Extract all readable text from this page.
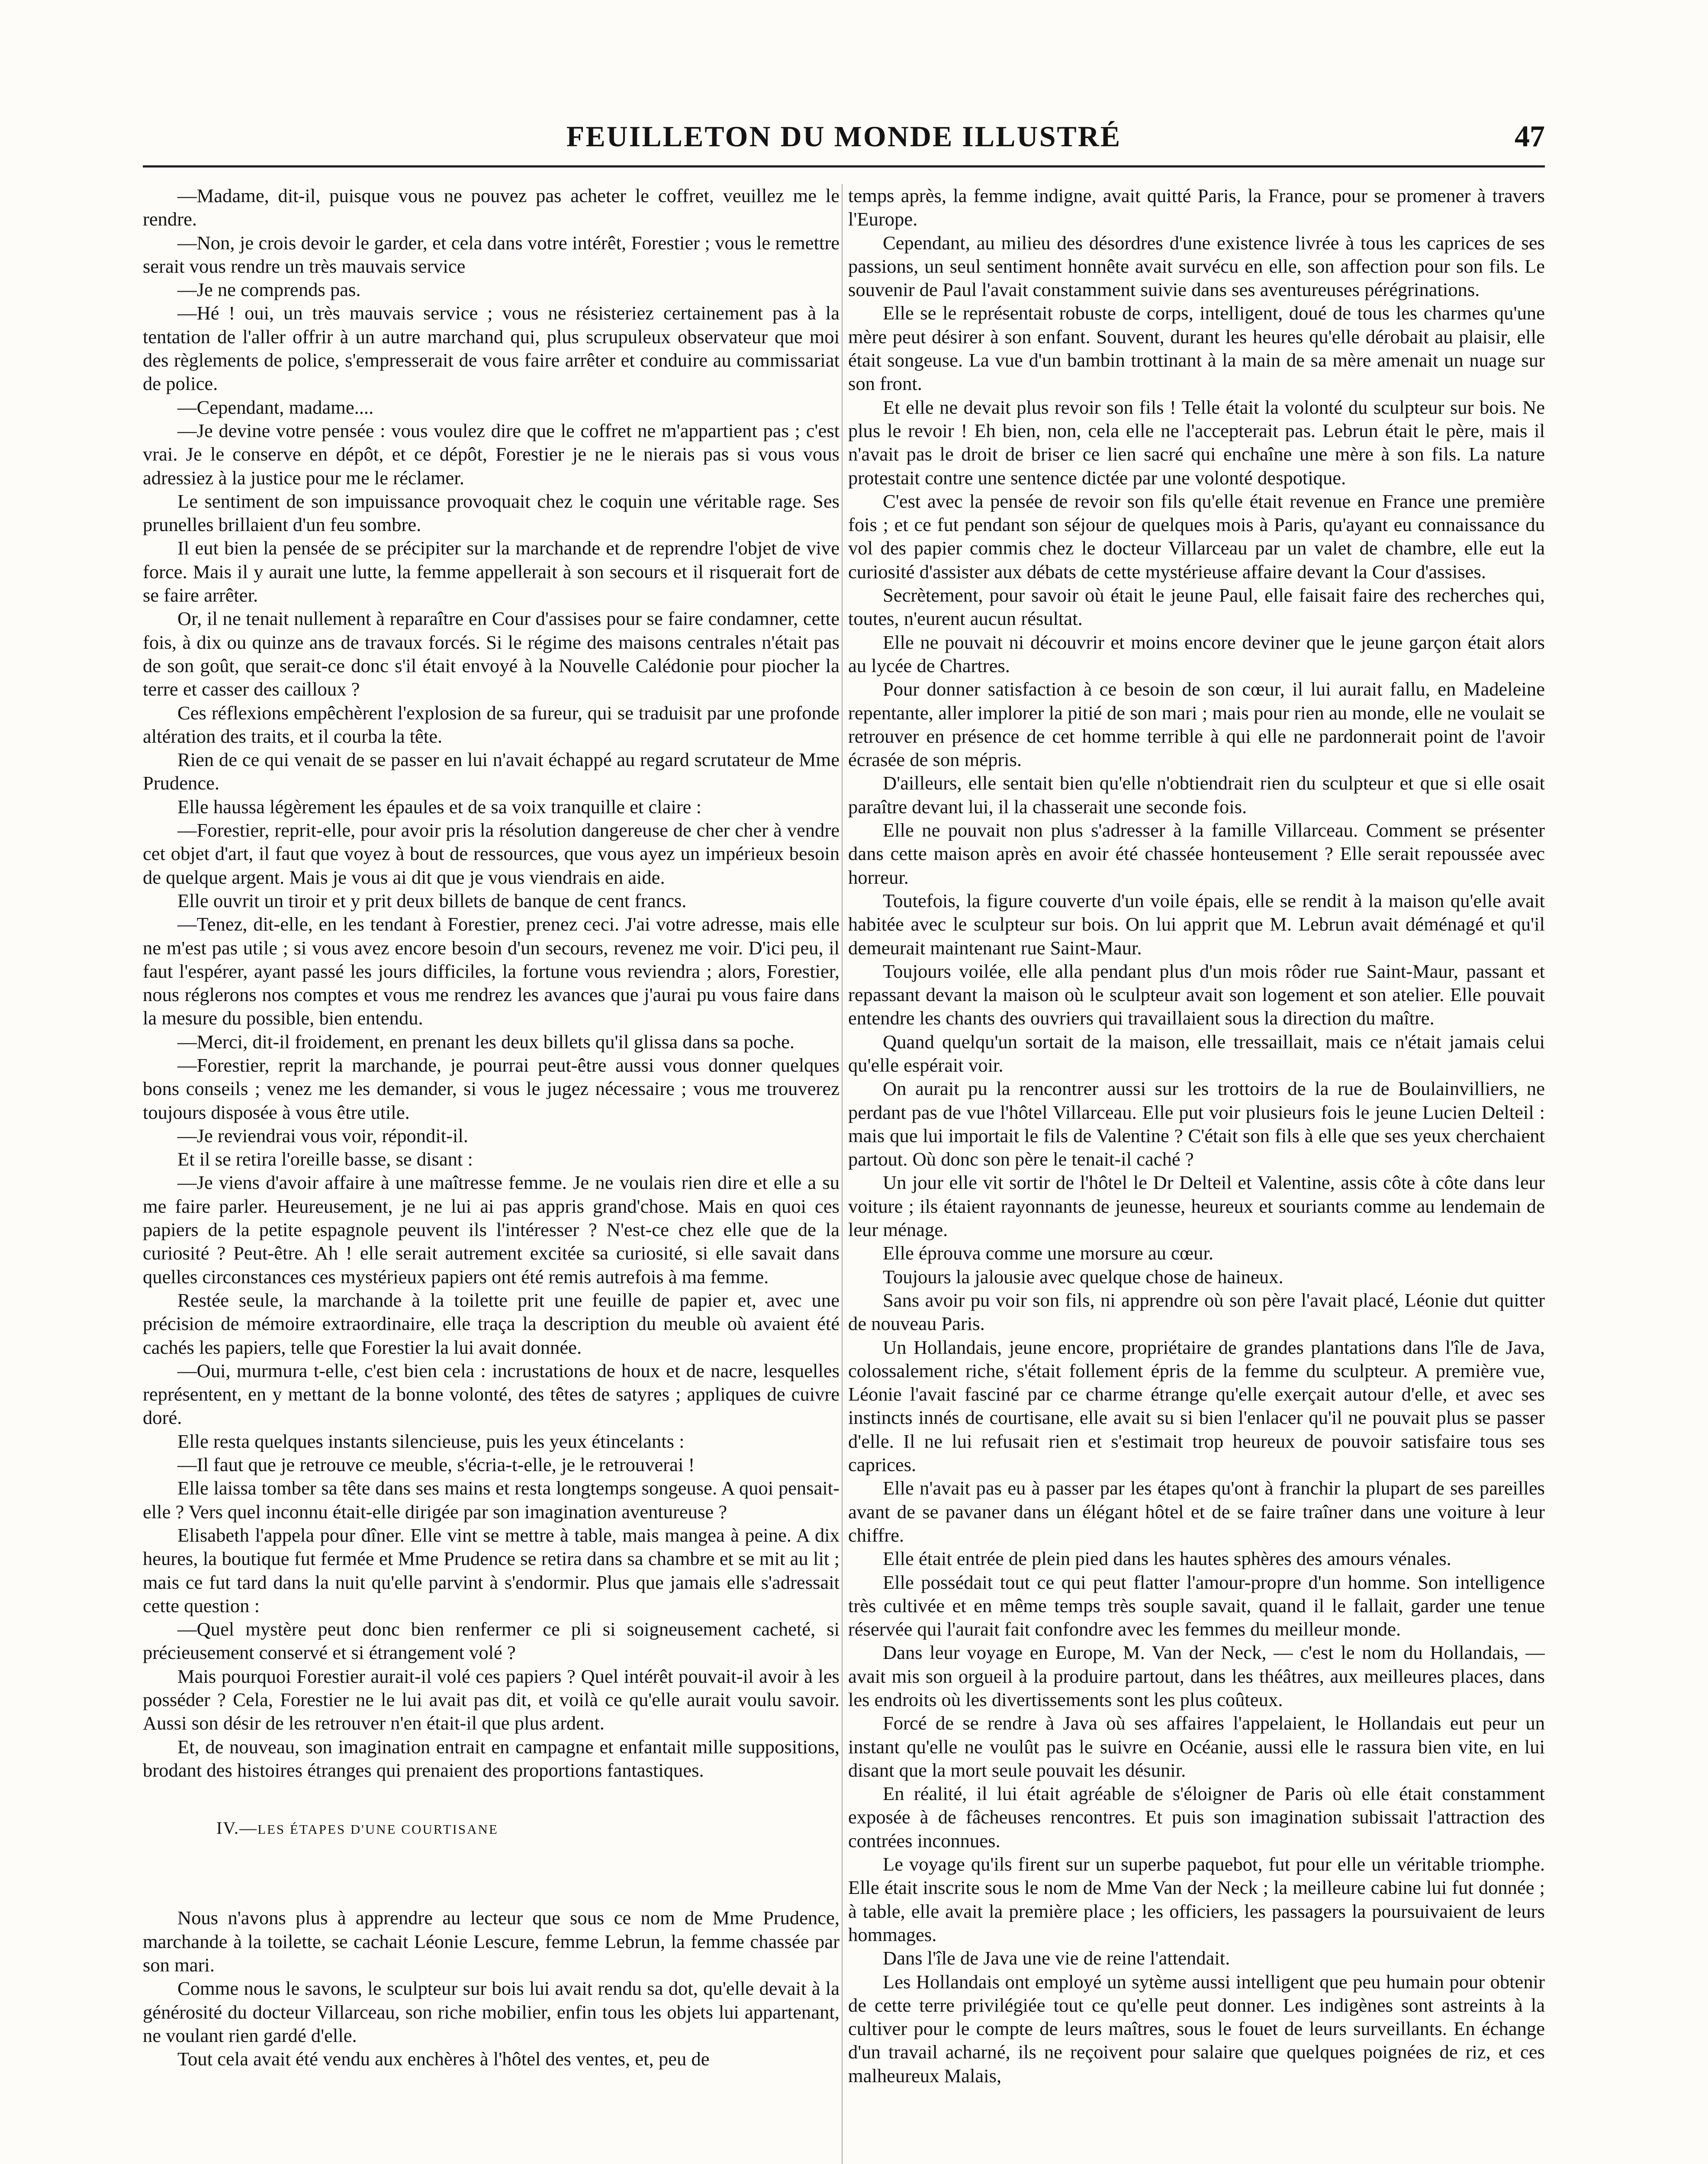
FEUILLETON DU MONDE ILLUSTRÉ	47

—Madame, dit-il, puisque vous ne pouvez pas acheter le coffret, veuillez me le rendre.

—Non, je crois devoir le garder, et cela dans votre intérêt, Forestier ; vous le remettre serait vous rendre un très mauvais service

—Je ne comprends pas.

—Hé ! oui, un très mauvais service ; vous ne résisteriez certainement pas à la tentation de l'aller offrir à un autre marchand qui, plus scrupuleux observateur que moi des règlements de police, s'empresserait de vous faire arrêter et conduire au commissariat de police.

—Cependant, madame....

—Je devine votre pensée : vous voulez dire que le coffret ne m'appartient pas ; c'est vrai. Je le conserve en dépôt, et ce dépôt, Forestier je ne le nierais pas si vous vous adressiez à la justice pour me le réclamer.

Le sentiment de son impuissance provoquait chez le coquin une véritable rage. Ses prunelles brillaient d'un feu sombre.

Il eut bien la pensée de se précipiter sur la marchande et de reprendre l'objet de vive force. Mais il y aurait une lutte, la femme appellerait à son secours et il risquerait fort de se faire arrêter.

Or, il ne tenait nullement à reparaître en Cour d'assises pour se faire condamner, cette fois, à dix ou quinze ans de travaux forcés. Si le régime des maisons centrales n'était pas de son goût, que serait-ce donc s'il était envoyé à la Nouvelle Calédonie pour piocher la terre et casser des cailloux ?

Ces réflexions empêchèrent l'explosion de sa fureur, qui se traduisit par une profonde altération des traits, et il courba la tête.

Rien de ce qui venait de se passer en lui n'avait échappé au regard scrutateur de Mme Prudence.

Elle haussa légèrement les épaules et de sa voix tranquille et claire :

—Forestier, reprit-elle, pour avoir pris la résolution dangereuse de cher cher à vendre cet objet d'art, il faut que voyez à bout de ressources, que vous ayez un impérieux besoin de quelque argent. Mais je vous ai dit que je vous viendrais en aide.

Elle ouvrit un tiroir et y prit deux billets de banque de cent francs.

—Tenez, dit-elle, en les tendant à Forestier, prenez ceci. J'ai votre adresse, mais elle ne m'est pas utile ; si vous avez encore besoin d'un secours, revenez me voir. D'ici peu, il faut l'espérer, ayant passé les jours difficiles, la fortune vous reviendra ; alors, Forestier, nous réglerons nos comptes et vous me rendrez les avances que j'aurai pu vous faire dans la mesure du possible, bien entendu.

—Merci, dit-il froidement, en prenant les deux billets qu'il glissa dans sa poche.

—Forestier, reprit la marchande, je pourrai peut-être aussi vous donner quelques bons conseils ; venez me les demander, si vous le jugez nécessaire ; vous me trouverez toujours disposée à vous être utile.

—Je reviendrai vous voir, répondit-il.

Et il se retira l'oreille basse, se disant :

—Je viens d'avoir affaire à une maîtresse femme. Je ne voulais rien dire et elle a su me faire parler. Heureusement, je ne lui ai pas appris grand'chose. Mais en quoi ces papiers de la petite espagnole peuvent ils l'intéresser ? N'est-ce chez elle que de la curiosité ? Peut-être. Ah ! elle serait autrement excitée sa curiosité, si elle savait dans quelles circonstances ces mystérieux papiers ont été remis autrefois à ma femme.

Restée seule, la marchande à la toilette prit une feuille de papier et, avec une précision de mémoire extraordinaire, elle traça la description du meuble où avaient été cachés les papiers, telle que Forestier la lui avait donnée.

—Oui, murmura t-elle, c'est bien cela : incrustations de houx et de nacre, lesquelles représentent, en y mettant de la bonne volonté, des têtes de satyres ; appliques de cuivre doré.

Elle resta quelques instants silencieuse, puis les yeux étincelants :

—Il faut que je retrouve ce meuble, s'écria-t-elle, je le retrouverai !

Elle laissa tomber sa tête dans ses mains et resta longtemps songeuse. A quoi pensait-elle ? Vers quel inconnu était-elle dirigée par son imagination aventureuse ?

Elisabeth l'appela pour dîner. Elle vint se mettre à table, mais mangea à peine. A dix heures, la boutique fut fermée et Mme Prudence se retira dans sa chambre et se mit au lit ; mais ce fut tard dans la nuit qu'elle parvint à s'endormir. Plus que jamais elle s'adressait cette question :

—Quel mystère peut donc bien renfermer ce pli si soigneusement cacheté, si précieusement conservé et si étrangement volé ?

Mais pourquoi Forestier aurait-il volé ces papiers ? Quel intérêt pouvait-il avoir à les posséder ? Cela, Forestier ne le lui avait pas dit, et voilà ce qu'elle aurait voulu savoir. Aussi son désir de les retrouver n'en était-il que plus ardent.

Et, de nouveau, son imagination entrait en campagne et enfantait mille suppositions, brodant des histoires étranges qui prenaient des proportions fantastiques.

IV.—LES ÉTAPES D'UNE COURTISANE

Nous n'avons plus à apprendre au lecteur que sous ce nom de Mme Prudence, marchande à la toilette, se cachait Léonie Lescure, femme Lebrun, la femme chassée par son mari.

Comme nous le savons, le sculpteur sur bois lui avait rendu sa dot, qu'elle devait à la générosité du docteur Villarceau, son riche mobilier, enfin tous les objets lui appartenant, ne voulant rien gardé d'elle.

Tout cela avait été vendu aux enchères à l'hôtel des ventes, et, peu de

temps après, la femme indigne, avait quitté Paris, la France, pour se promener à travers l'Europe.

Cependant, au milieu des désordres d'une existence livrée à tous les caprices de ses passions, un seul sentiment honnête avait survécu en elle, son affection pour son fils. Le souvenir de Paul l'avait constamment suivie dans ses aventureuses pérégrinations.

Elle se le représentait robuste de corps, intelligent, doué de tous les charmes qu'une mère peut désirer à son enfant. Souvent, durant les heures qu'elle dérobait au plaisir, elle était songeuse. La vue d'un bambin trottinant à la main de sa mère amenait un nuage sur son front.

Et elle ne devait plus revoir son fils ! Telle était la volonté du sculpteur sur bois. Ne plus le revoir ! Eh bien, non, cela elle ne l'accepterait pas. Lebrun était le père, mais il n'avait pas le droit de briser ce lien sacré qui enchaîne une mère à son fils. La nature protestait contre une sentence dictée par une volonté despotique.

C'est avec la pensée de revoir son fils qu'elle était revenue en France une première fois ; et ce fut pendant son séjour de quelques mois à Paris, qu'ayant eu connaissance du vol des papier commis chez le docteur Villarceau par un valet de chambre, elle eut la curiosité d'assister aux débats de cette mystérieuse affaire devant la Cour d'assises.

Secrètement, pour savoir où était le jeune Paul, elle faisait faire des recherches qui, toutes, n'eurent aucun résultat.

Elle ne pouvait ni découvrir et moins encore deviner que le jeune garçon était alors au lycée de Chartres.

Pour donner satisfaction à ce besoin de son cœur, il lui aurait fallu, en Madeleine repentante, aller implorer la pitié de son mari ; mais pour rien au monde, elle ne voulait se retrouver en présence de cet homme terrible à qui elle ne pardonnerait point de l'avoir écrasée de son mépris.

D'ailleurs, elle sentait bien qu'elle n'obtiendrait rien du sculpteur et que si elle osait paraître devant lui, il la chasserait une seconde fois.

Elle ne pouvait non plus s'adresser à la famille Villarceau. Comment se présenter dans cette maison après en avoir été chassée honteusement ? Elle serait repoussée avec horreur.

Toutefois, la figure couverte d'un voile épais, elle se rendit à la maison qu'elle avait habitée avec le sculpteur sur bois. On lui apprit que M. Lebrun avait déménagé et qu'il demeurait maintenant rue Saint-Maur.

Toujours voilée, elle alla pendant plus d'un mois rôder rue Saint-Maur, passant et repassant devant la maison où le sculpteur avait son logement et son atelier. Elle pouvait entendre les chants des ouvriers qui travaillaient sous la direction du maître.

Quand quelqu'un sortait de la maison, elle tressaillait, mais ce n'était jamais celui qu'elle espérait voir.

On aurait pu la rencontrer aussi sur les trottoirs de la rue de Boulainvilliers, ne perdant pas de vue l'hôtel Villarceau. Elle put voir plusieurs fois le jeune Lucien Delteil : mais que lui importait le fils de Valentine ? C'était son fils à elle que ses yeux cherchaient partout. Où donc son père le tenait-il caché ?

Un jour elle vit sortir de l'hôtel le Dr Delteil et Valentine, assis côte à côte dans leur voiture ; ils étaient rayonnants de jeunesse, heureux et souriants comme au lendemain de leur ménage.

Elle éprouva comme une morsure au cœur.

Toujours la jalousie avec quelque chose de haineux.

Sans avoir pu voir son fils, ni apprendre où son père l'avait placé, Léonie dut quitter de nouveau Paris.

Un Hollandais, jeune encore, propriétaire de grandes plantations dans l'île de Java, colossalement riche, s'était follement épris de la femme du sculpteur. A première vue, Léonie l'avait fasciné par ce charme étrange qu'elle exerçait autour d'elle, et avec ses instincts innés de courtisane, elle avait su si bien l'enlacer qu'il ne pouvait plus se passer d'elle. Il ne lui refusait rien et s'estimait trop heureux de pouvoir satisfaire tous ses caprices.

Elle n'avait pas eu à passer par les étapes qu'ont à franchir la plupart de ses pareilles avant de se pavaner dans un élégant hôtel et de se faire traîner dans une voiture à leur chiffre.

Elle était entrée de plein pied dans les hautes sphères des amours vénales.

Elle possédait tout ce qui peut flatter l'amour-propre d'un homme. Son intelligence très cultivée et en même temps très souple savait, quand il le fallait, garder une tenue réservée qui l'aurait fait confondre avec les femmes du meilleur monde.

Dans leur voyage en Europe, M. Van der Neck, — c'est le nom du Hollandais, — avait mis son orgueil à la produire partout, dans les théâtres, aux meilleures places, dans les endroits où les divertissements sont les plus coûteux.

Forcé de se rendre à Java où ses affaires l'appelaient, le Hollandais eut peur un instant qu'elle ne voulût pas le suivre en Océanie, aussi elle le rassura bien vite, en lui disant que la mort seule pouvait les désunir.

En réalité, il lui était agréable de s'éloigner de Paris où elle était constamment exposée à de fâcheuses rencontres. Et puis son imagination subissait l'attraction des contrées inconnues.

Le voyage qu'ils firent sur un superbe paquebot, fut pour elle un véritable triomphe. Elle était inscrite sous le nom de Mme Van der Neck ; la meilleure cabine lui fut donnée ; à table, elle avait la première place ; les officiers, les passagers la poursuivaient de leurs hommages.

Dans l'île de Java une vie de reine l'attendait.

Les Hollandais ont employé un sytème aussi intelligent que peu humain pour obtenir de cette terre privilégiée tout ce qu'elle peut donner. Les indigènes sont astreints à la cultiver pour le compte de leurs maîtres, sous le fouet de leurs surveillants. En échange d'un travail acharné, ils ne reçoivent pour salaire que quelques poignées de riz, et ces malheureux Malais,
